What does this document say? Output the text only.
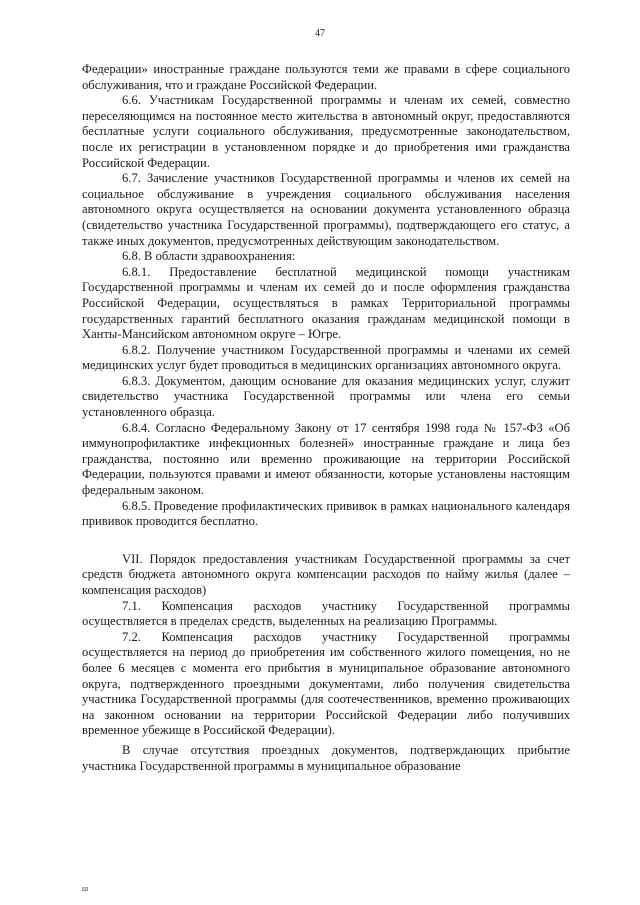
47

Федерации» иностранные граждане пользуются теми же правами в сфере социального обслуживания, что и граждане Российской Федерации.

6.6. Участникам Государственной программы и членам их семей, совместно переселяющимся на постоянное место жительства в автономный округ, предоставляются бесплатные услуги социального обслуживания, предусмотренные законодательством, после их регистрации в установленном порядке и до приобретения ими гражданства Российской Федерации.

6.7. Зачисление участников Государственной программы и членов их семей на социальное обслуживание в учреждения социального обслуживания населения автономного округа осуществляется на основании документа установленного образца (свидетельство участника Государственной программы), подтверждающего его статус, а также иных документов, предусмотренных действующим законодательством.

6.8. В области здравоохранения:

6.8.1. Предоставление бесплатной медицинской помощи участникам Государственной программы и членам их семей до и после оформления гражданства Российской Федерации, осуществляться в рамках Территориальной программы государственных гарантий бесплатного оказания гражданам медицинской помощи в Ханты-Мансийском автономном округе – Югре.

6.8.2. Получение участником Государственной программы и членами их семей медицинских услуг будет проводиться в медицинских организациях автономного округа.

6.8.3. Документом, дающим основание для оказания медицинских услуг, служит свидетельство участника Государственной программы или члена его семьи установленного образца.

6.8.4. Согласно Федеральному Закону от 17 сентября 1998 года № 157-ФЗ «Об иммунопрофилактике инфекционных болезней» иностранные граждане и лица без гражданства, постоянно или временно проживающие на территории Российской Федерации, пользуются правами и имеют обязанности, которые установлены настоящим федеральным законом.

6.8.5. Проведение профилактических прививок в рамках национального календаря прививок проводится бесплатно.

VII. Порядок предоставления участникам Государственной программы за счет средств бюджета автономного округа компенсации расходов по найму жилья (далее – компенсация расходов)

7.1. Компенсация расходов участнику Государственной программы осуществляется в пределах средств, выделенных на реализацию Программы.

7.2. Компенсация расходов участнику Государственной программы осуществляется на период до приобретения им собственного жилого помещения, но не более 6 месяцев с момента его прибытия в муниципальное образование автономного округа, подтвержденного проездными документами, либо получения свидетельства участника Государственной программы (для соотечественников, временно проживающих на законном основании на территории Российской Федерации либо получивших временное убежище в Российской Федерации).

В случае отсутствия проездных документов, подтверждающих прибытие участника Государственной программы в муниципальное образование

ш
